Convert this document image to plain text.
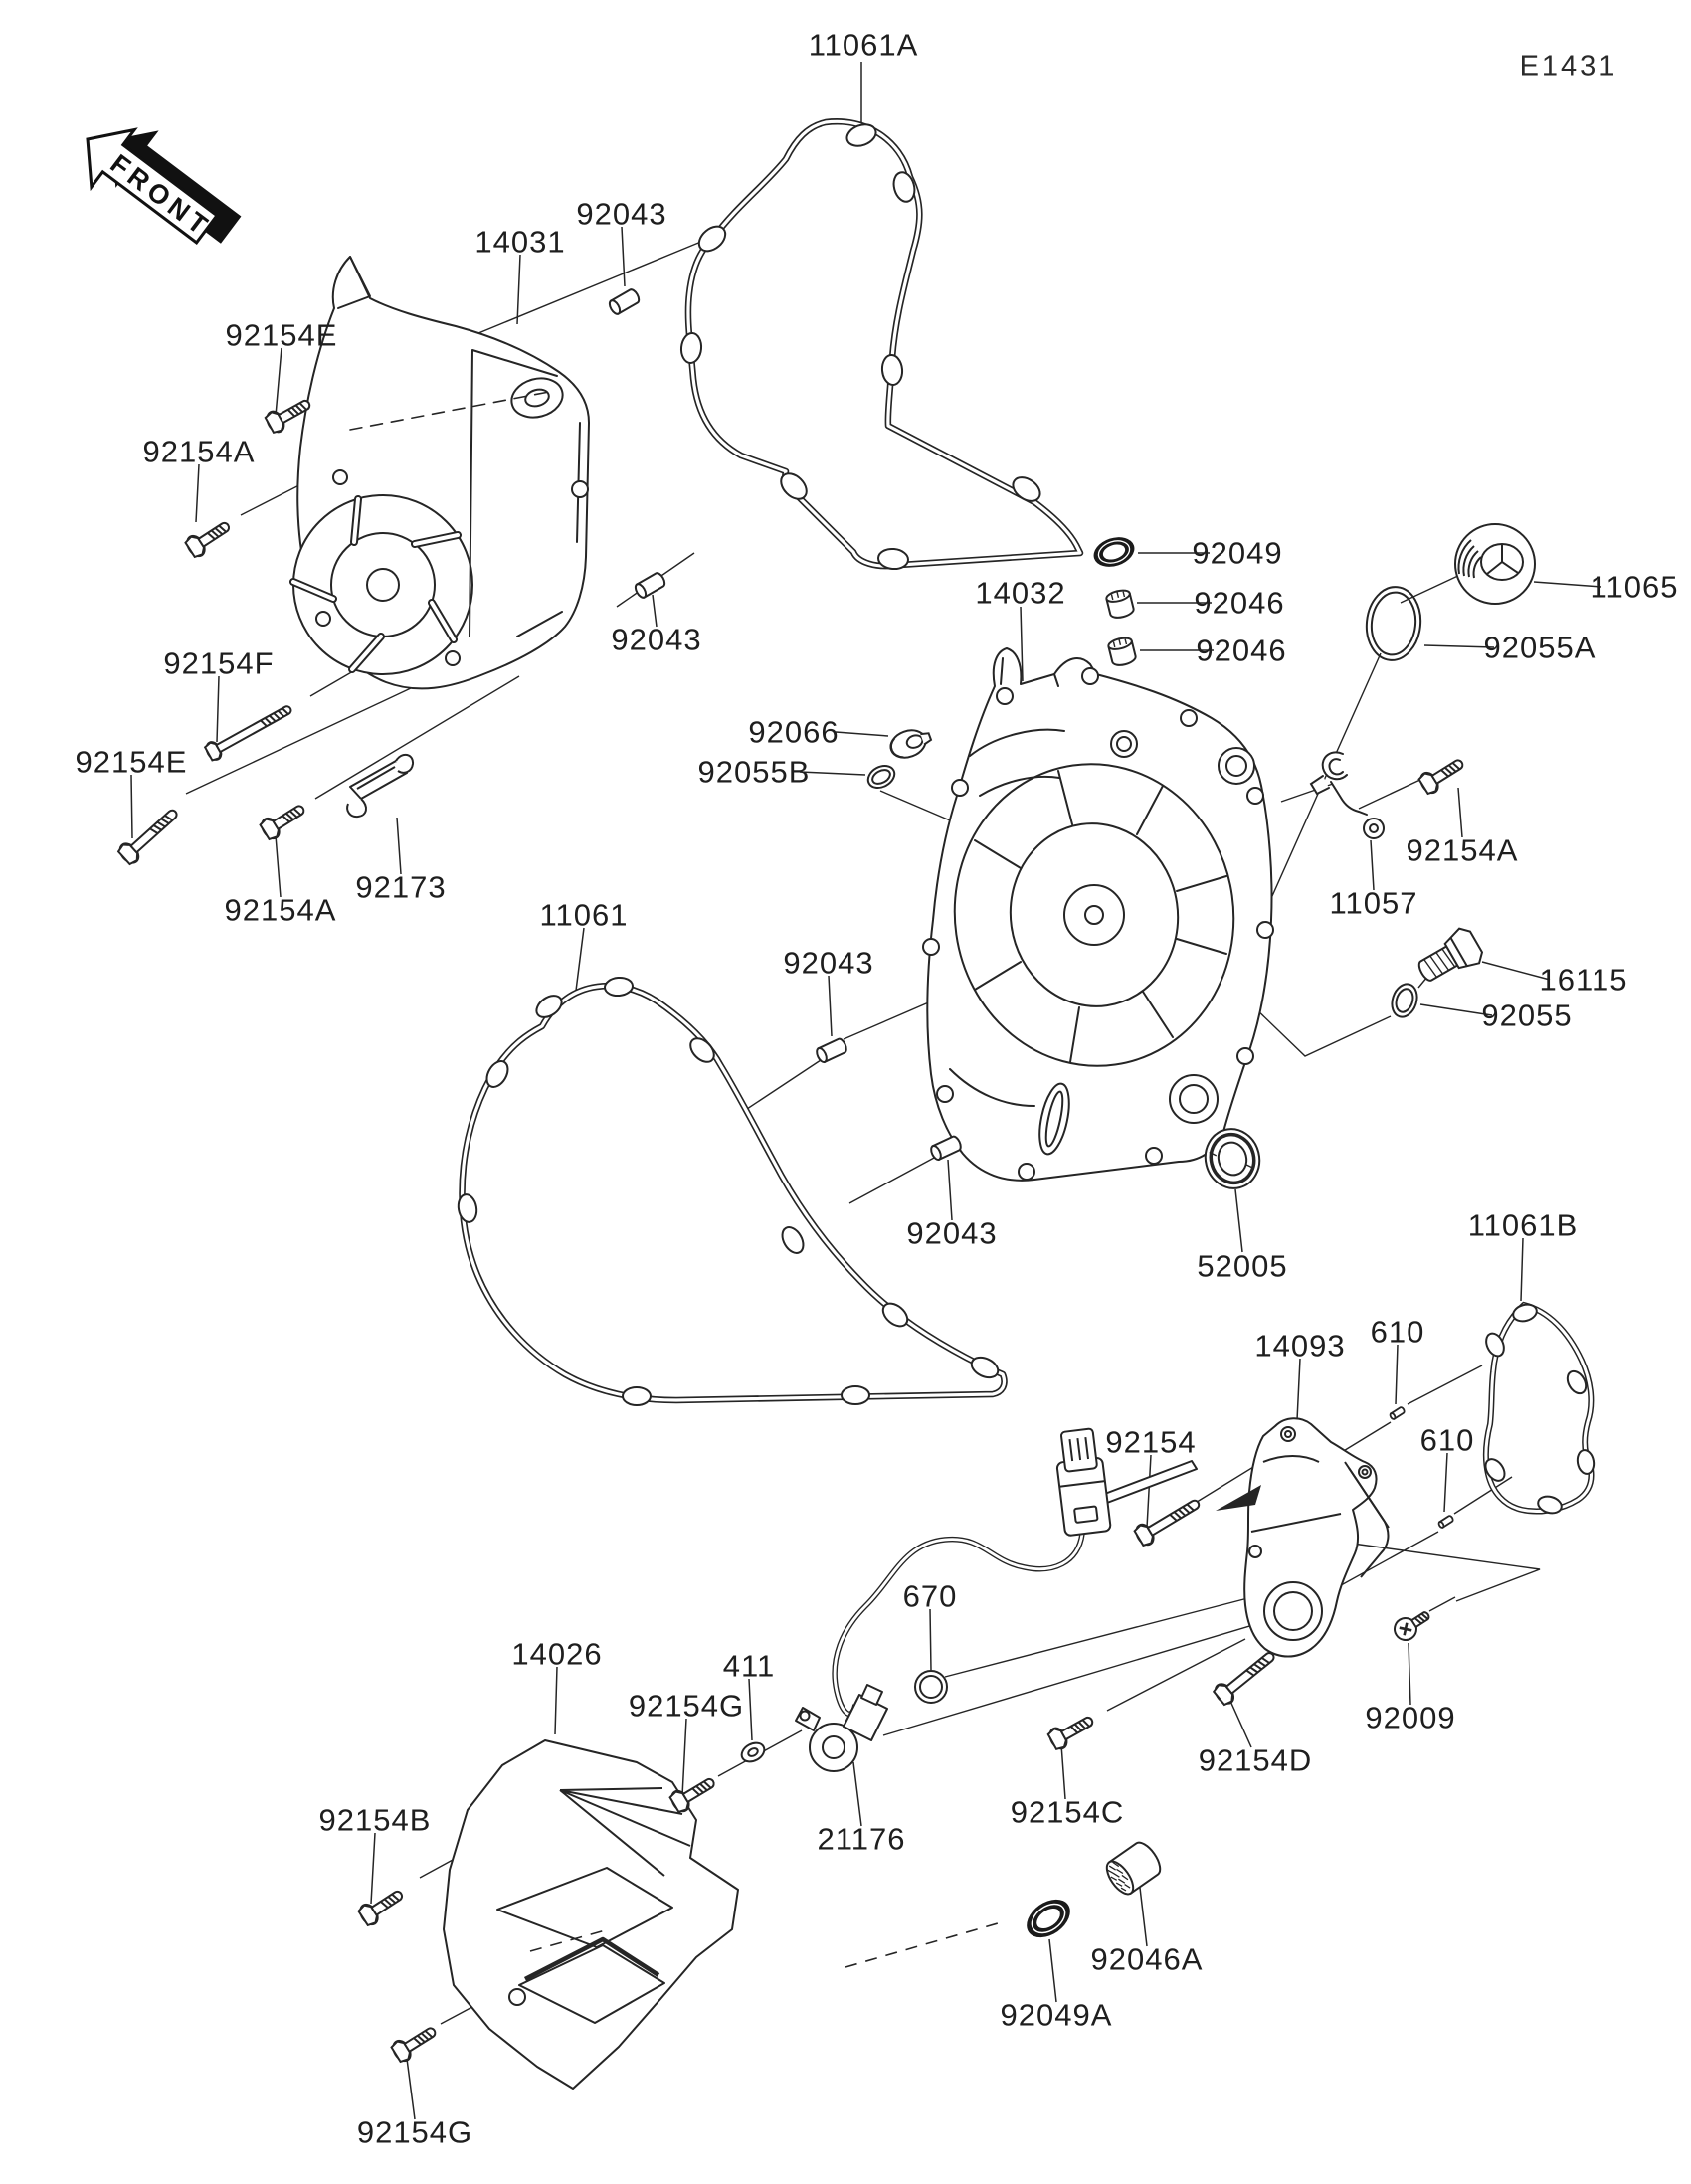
FRONT
11061A
92043
14031
92154E
92154A
92049
11065
14032	92046
92046
92043	92055A
92154F
92066
92154E	92055B
92154A
92173	11057
92154A	11061
92043	16115
92055
92043	11061B
52005
610
14093
92154	610
670
14026	411
92154G	92009
92154D
92154C
92154B
21176
92046A
92049A
92154G
E1431
